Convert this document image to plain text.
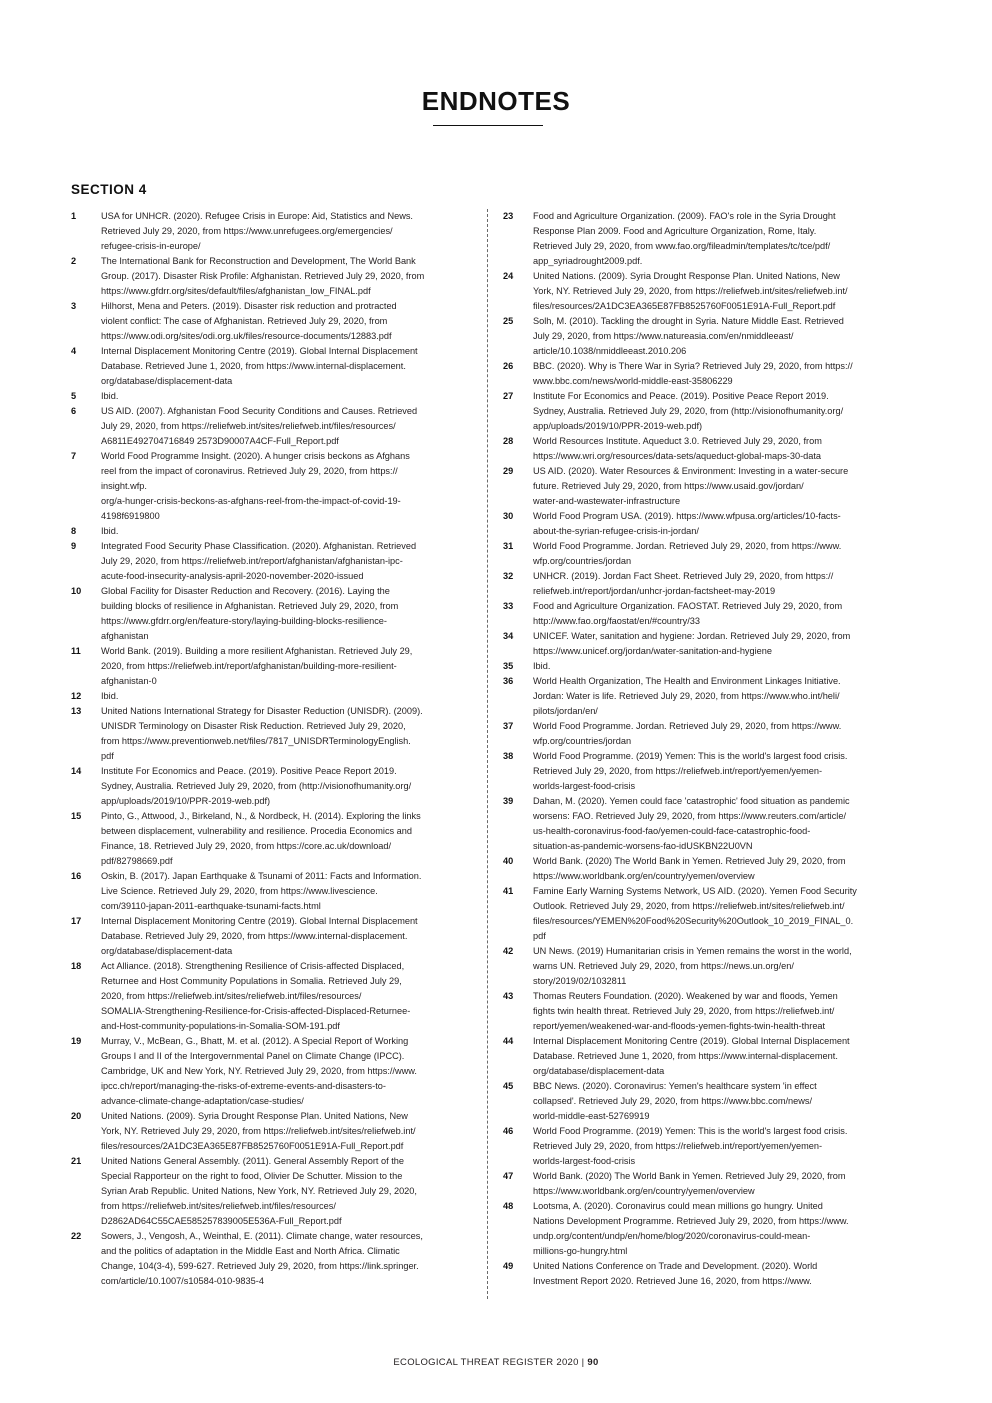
ENDNOTES
SECTION 4
1	USA for UNHCR. (2020). Refugee Crisis in Europe: Aid, Statistics and News.
Retrieved July 29, 2020, from https://www.unrefugees.org/emergencies/
refugee-crisis-in-europe/
2	The International Bank for Reconstruction and Development, The World Bank
Group. (2017). Disaster Risk Profile: Afghanistan. Retrieved July 29, 2020, from
https://www.gfdrr.org/sites/default/files/afghanistan_low_FINAL.pdf
3	Hilhorst, Mena and Peters. (2019). Disaster risk reduction and protracted
violent conflict: The case of Afghanistan. Retrieved July 29, 2020, from
https://www.odi.org/sites/odi.org.uk/files/resource-documents/12883.pdf
4	Internal Displacement Monitoring Centre (2019). Global Internal Displacement
Database. Retrieved June 1, 2020, from https://www.internal-displacement.
org/database/displacement-data
5	Ibid.
6	US AID. (2007). Afghanistan Food Security Conditions and Causes. Retrieved
July 29, 2020, from https://reliefweb.int/sites/reliefweb.int/files/resources/
A6811E492704716849 2573D90007A4CF-Full_Report.pdf
7	World Food Programme Insight. (2020). A hunger crisis beckons as Afghans
reel from the impact of coronavirus. Retrieved July 29, 2020, from https://
insight.wfp.
org/a-hunger-crisis-beckons-as-afghans-reel-from-the-impact-of-covid-19-
4198f6919800
8	Ibid.
9	Integrated Food Security Phase Classification. (2020). Afghanistan. Retrieved
July 29, 2020, from https://reliefweb.int/report/afghanistan/afghanistan-ipc-
acute-food-insecurity-analysis-april-2020-november-2020-issued
10	Global Facility for Disaster Reduction and Recovery. (2016). Laying the
building blocks of resilience in Afghanistan. Retrieved July 29, 2020, from
https://www.gfdrr.org/en/feature-story/laying-building-blocks-resilience-
afghanistan
11	World Bank. (2019). Building a more resilient Afghanistan. Retrieved July 29,
2020, from https://reliefweb.int/report/afghanistan/building-more-resilient-
afghanistan-0
12	Ibid.
13	United Nations International Strategy for Disaster Reduction (UNISDR). (2009).
UNISDR Terminology on Disaster Risk Reduction. Retrieved July 29, 2020,
from https://www.preventionweb.net/files/7817_UNISDRTerminologyEnglish.
pdf
14	Institute For Economics and Peace. (2019). Positive Peace Report 2019.
Sydney, Australia. Retrieved July 29, 2020, from (http://visionofhumanity.org/
app/uploads/2019/10/PPR-2019-web.pdf)
15	Pinto, G., Attwood, J., Birkeland, N., & Nordbeck, H. (2014). Exploring the links
between displacement, vulnerability and resilience. Procedia Economics and
Finance, 18. Retrieved July 29, 2020, from https://core.ac.uk/download/
pdf/82798669.pdf
16	Oskin, B. (2017). Japan Earthquake & Tsunami of 2011: Facts and Information.
Live Science. Retrieved July 29, 2020, from https://www.livescience.
com/39110-japan-2011-earthquake-tsunami-facts.html
17	Internal Displacement Monitoring Centre (2019). Global Internal Displacement
Database. Retrieved July 29, 2020, from https://www.internal-displacement.
org/database/displacement-data
18	Act Alliance. (2018). Strengthening Resilience of Crisis-affected Displaced,
Returnee and Host Community Populations in Somalia. Retrieved July 29,
2020, from https://reliefweb.int/sites/reliefweb.int/files/resources/
SOMALIA-Strengthening-Resilience-for-Crisis-affected-Displaced-Returnee-
and-Host-community-populations-in-Somalia-SOM-191.pdf
19	Murray, V., McBean, G., Bhatt, M. et al. (2012). A Special Report of Working
Groups I and II of the Intergovernmental Panel on Climate Change (IPCC).
Cambridge, UK and New York, NY. Retrieved July 29, 2020, from https://www.
ipcc.ch/report/managing-the-risks-of-extreme-events-and-disasters-to-
advance-climate-change-adaptation/case-studies/
20	United Nations. (2009). Syria Drought Response Plan. United Nations, New
York, NY. Retrieved July 29, 2020, from https://reliefweb.int/sites/reliefweb.int/
files/resources/2A1DC3EA365E87FB8525760F0051E91A-Full_Report.pdf
21	United Nations General Assembly. (2011). General Assembly Report of the
Special Rapporteur on the right to food, Olivier De Schutter. Mission to the
Syrian Arab Republic. United Nations, New York, NY. Retrieved July 29, 2020,
from https://reliefweb.int/sites/reliefweb.int/files/resources/
D2862AD64C55CAE585257839005E536A-Full_Report.pdf
22	Sowers, J., Vengosh, A., Weinthal, E. (2011). Climate change, water resources,
and the politics of adaptation in the Middle East and North Africa. Climatic
Change, 104(3-4), 599-627. Retrieved July 29, 2020, from https://link.springer.
com/article/10.1007/s10584-010-9835-4
23	Food and Agriculture Organization. (2009). FAO's role in the Syria Drought
Response Plan 2009. Food and Agriculture Organization, Rome, Italy.
Retrieved July 29, 2020, from www.fao.org/fileadmin/templates/tc/tce/pdf/
app_syriadrought2009.pdf.
24	United Nations. (2009). Syria Drought Response Plan. United Nations, New
York, NY. Retrieved July 29, 2020, from https://reliefweb.int/sites/reliefweb.int/
files/resources/2A1DC3EA365E87FB8525760F0051E91A-Full_Report.pdf
25	Solh, M. (2010). Tackling the drought in Syria. Nature Middle East. Retrieved
July 29, 2020, from https://www.natureasia.com/en/nmiddleeast/
article/10.1038/nmiddleeast.2010.206
26	BBC. (2020). Why is There War in Syria? Retrieved July 29, 2020, from https://
www.bbc.com/news/world-middle-east-35806229
27	Institute For Economics and Peace. (2019). Positive Peace Report 2019.
Sydney, Australia. Retrieved July 29, 2020, from (http://visionofhumanity.org/
app/uploads/2019/10/PPR-2019-web.pdf)
28	World Resources Institute. Aqueduct 3.0. Retrieved July 29, 2020, from
https://www.wri.org/resources/data-sets/aqueduct-global-maps-30-data
29	US AID. (2020). Water Resources & Environment: Investing in a water-secure
future. Retrieved July 29, 2020, from https://www.usaid.gov/jordan/
water-and-wastewater-infrastructure
30	World Food Program USA. (2019). https://www.wfpusa.org/articles/10-facts-
about-the-syrian-refugee-crisis-in-jordan/
31	World Food Programme. Jordan. Retrieved July 29, 2020, from https://www.
wfp.org/countries/jordan
32	UNHCR. (2019). Jordan Fact Sheet. Retrieved July 29, 2020, from https://
reliefweb.int/report/jordan/unhcr-jordan-factsheet-may-2019
33	Food and Agriculture Organization. FAOSTAT. Retrieved July 29, 2020, from
http://www.fao.org/faostat/en/#country/33
34	UNICEF. Water, sanitation and hygiene: Jordan. Retrieved July 29, 2020, from
https://www.unicef.org/jordan/water-sanitation-and-hygiene
35	Ibid.
36	World Health Organization, The Health and Environment Linkages Initiative.
Jordan: Water is life. Retrieved July 29, 2020, from https://www.who.int/heli/
pilots/jordan/en/
37	World Food Programme. Jordan. Retrieved July 29, 2020, from https://www.
wfp.org/countries/jordan
38	World Food Programme. (2019) Yemen: This is the world's largest food crisis.
Retrieved July 29, 2020, from https://reliefweb.int/report/yemen/yemen-
worlds-largest-food-crisis
39	Dahan, M. (2020). Yemen could face 'catastrophic' food situation as pandemic
worsens: FAO. Retrieved July 29, 2020, from https://www.reuters.com/article/
us-health-coronavirus-food-fao/yemen-could-face-catastrophic-food-
situation-as-pandemic-worsens-fao-idUSKBN22U0VN
40	World Bank. (2020) The World Bank in Yemen. Retrieved July 29, 2020, from
https://www.worldbank.org/en/country/yemen/overview
41	Famine Early Warning Systems Network, US AID. (2020). Yemen Food Security
Outlook. Retrieved July 29, 2020, from https://reliefweb.int/sites/reliefweb.int/
files/resources/YEMEN%20Food%20Security%20Outlook_10_2019_FINAL_0.
pdf
42	UN News. (2019) Humanitarian crisis in Yemen remains the worst in the world,
warns UN. Retrieved July 29, 2020, from https://news.un.org/en/
story/2019/02/1032811
43	Thomas Reuters Foundation. (2020). Weakened by war and floods, Yemen
fights twin health threat. Retrieved July 29, 2020, from https://reliefweb.int/
report/yemen/weakened-war-and-floods-yemen-fights-twin-health-threat
44	Internal Displacement Monitoring Centre (2019). Global Internal Displacement
Database. Retrieved June 1, 2020, from https://www.internal-displacement.
org/database/displacement-data
45	BBC News. (2020). Coronavirus: Yemen's healthcare system 'in effect
collapsed'. Retrieved July 29, 2020, from https://www.bbc.com/news/
world-middle-east-52769919
46	World Food Programme. (2019) Yemen: This is the world's largest food crisis.
Retrieved July 29, 2020, from https://reliefweb.int/report/yemen/yemen-
worlds-largest-food-crisis
47	World Bank. (2020) The World Bank in Yemen. Retrieved July 29, 2020, from
https://www.worldbank.org/en/country/yemen/overview
48	Lootsma, A. (2020). Coronavirus could mean millions go hungry. United
Nations Development Programme. Retrieved July 29, 2020, from https://www.
undp.org/content/undp/en/home/blog/2020/coronavirus-could-mean-
millions-go-hungry.html
49	United Nations Conference on Trade and Development. (2020). World
Investment Report 2020. Retrieved June 16, 2020, from https://www.
ECOLOGICAL THREAT REGISTER 2020 | 90
